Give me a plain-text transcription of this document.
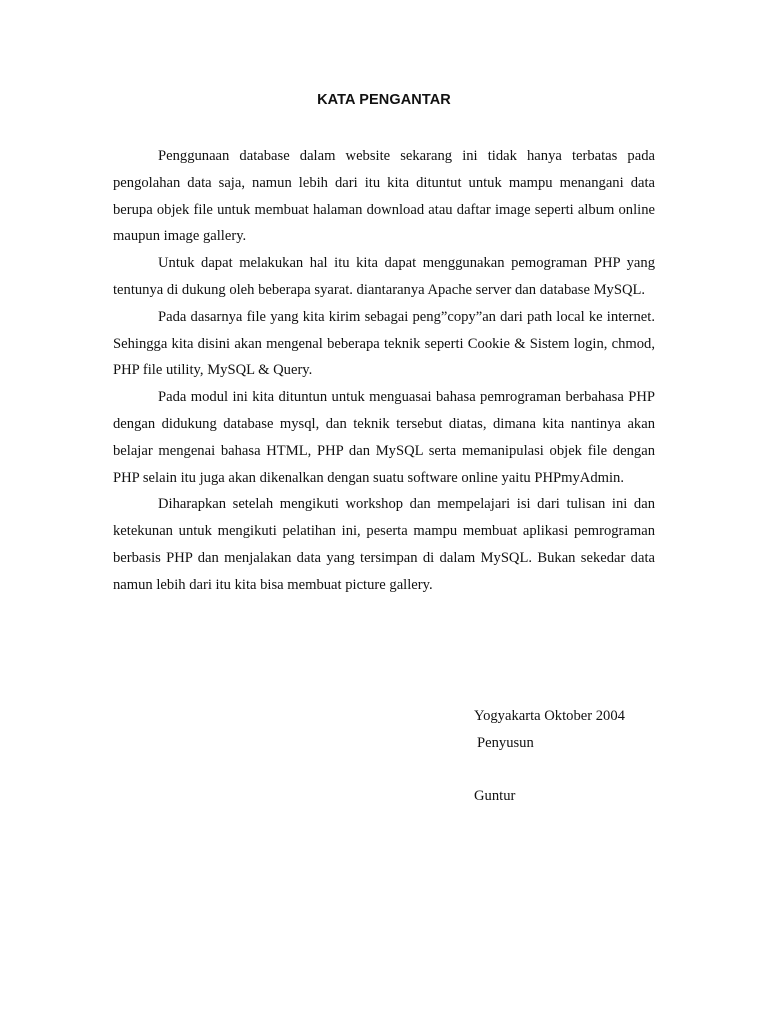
KATA PENGANTAR

Penggunaan database dalam website sekarang ini tidak hanya terbatas pada pengolahan data saja, namun lebih dari itu kita dituntut untuk mampu menangani data berupa objek file untuk membuat halaman download atau daftar image seperti album online maupun image gallery.

Untuk dapat melakukan hal itu kita dapat menggunakan pemograman PHP yang tentunya di dukung oleh beberapa syarat. diantaranya Apache server dan database MySQL.

Pada dasarnya file yang kita kirim sebagai peng”copy”an dari path local ke internet. Sehingga kita disini akan mengenal beberapa teknik seperti Cookie & Sistem login, chmod, PHP file utility, MySQL & Query.

Pada modul ini kita dituntun untuk menguasai bahasa pemrograman berbahasa PHP dengan didukung database mysql, dan teknik tersebut diatas, dimana kita nantinya akan belajar mengenai bahasa HTML, PHP dan MySQL serta memanipulasi objek file dengan PHP selain itu juga akan dikenalkan dengan suatu software online yaitu PHPmyAdmin.

Diharapkan setelah mengikuti workshop dan mempelajari isi dari tulisan ini dan ketekunan untuk mengikuti pelatihan ini, peserta mampu membuat aplikasi pemrograman berbasis PHP dan menjalakan data yang tersimpan di dalam MySQL. Bukan sekedar data namun lebih dari itu kita bisa membuat picture gallery.

Yogyakarta Oktober 2004
Penyusun
Guntur
